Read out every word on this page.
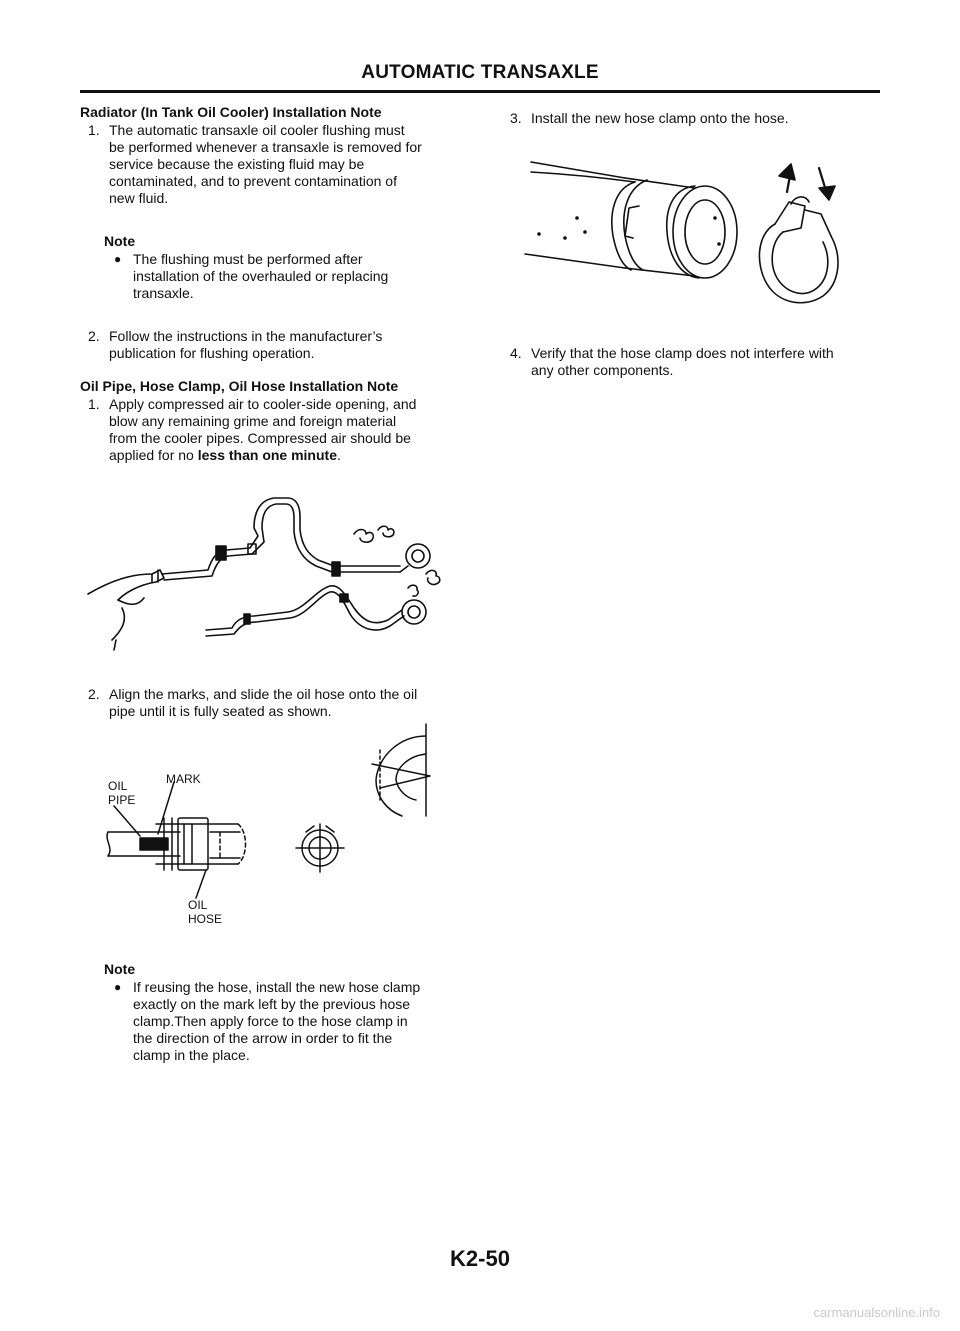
AUTOMATIC TRANSAXLE
Radiator (In Tank Oil Cooler) Installation Note
1. The automatic transaxle oil cooler flushing must
be performed whenever a transaxle is removed for
service because the existing fluid may be
contaminated, and to prevent contamination of
new fluid.
Note
● The flushing must be performed after
installation of the overhauled or replacing
transaxle.
2. Follow the instructions in the manufacturer’s
publication for flushing operation.
Oil Pipe, Hose Clamp, Oil Hose Installation Note
1. Apply compressed air to cooler-side opening, and
blow any remaining grime and foreign material
from the cooler pipes. Compressed air should be
applied for no less than one minute.
2. Align the marks, and slide the oil hose onto the oil
pipe until it is fully seated as shown.
OIL
PIPE
MARK
OIL
HOSE
Note
● If reusing the hose, install the new hose clamp
exactly on the mark left by the previous hose
clamp.Then apply force to the hose clamp in
the direction of the arrow in order to fit the
clamp in the place.
3. Install the new hose clamp onto the hose.
4. Verify that the hose clamp does not interfere with
any other components.
K2-50
carmanualsonline.info
